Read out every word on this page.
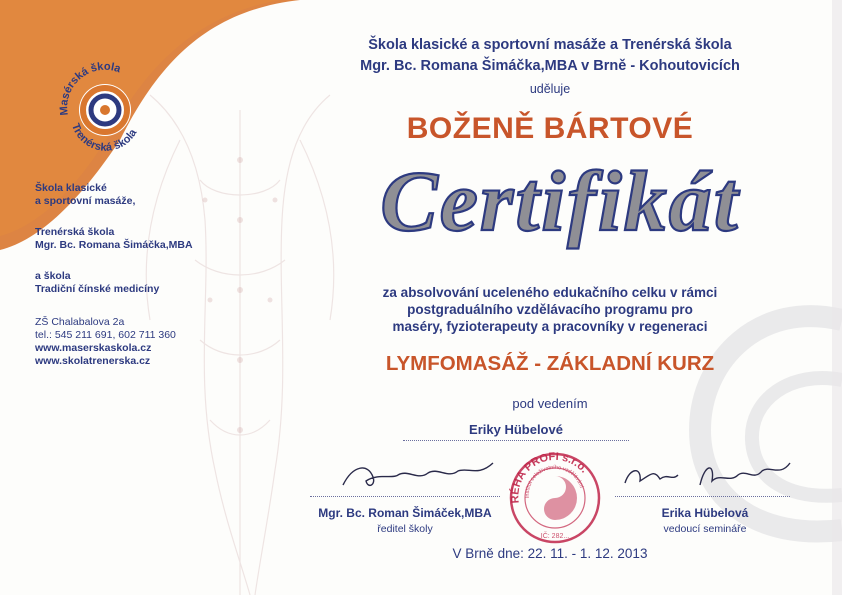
Masérská škola
Trenérská škola
Škola klasické a sportovní masáže a Trenérská škola
Mgr. Bc. Romana Šimáčka,MBA v Brně - Kohoutovicích
uděluje
BOŽENĚ BÁRTOVÉ
Certifikát
Škola klasické
a sportovní masáže,
Trenérská škola
Mgr. Bc. Romana Šimáčka,MBA
a škola
Tradiční čínské medicíny
ZŠ Chalabalova 2a
tel.: 545 211 691, 602 711 360
www.maserskaskola.cz
www.skolatrenerska.cz
za absolvování uceleného edukačního celku v rámci
postgraduálního vzdělávacího programu pro
maséry, fyzioterapeuty a pracovníky v regeneraci
LYMFOMASÁŽ - ZÁKLADNÍ KURZ
pod vedením
Eriky Hübelové
Mgr. Bc. Roman Šimáček,MBA
ředitel školy
Erika Hübelová
vedoucí semináře
RÉHA PROFI s.r.o.
Institut celoživotního vzdělávání
IČ: 282...
V Brně dne: 22. 11. - 1. 12. 2013
